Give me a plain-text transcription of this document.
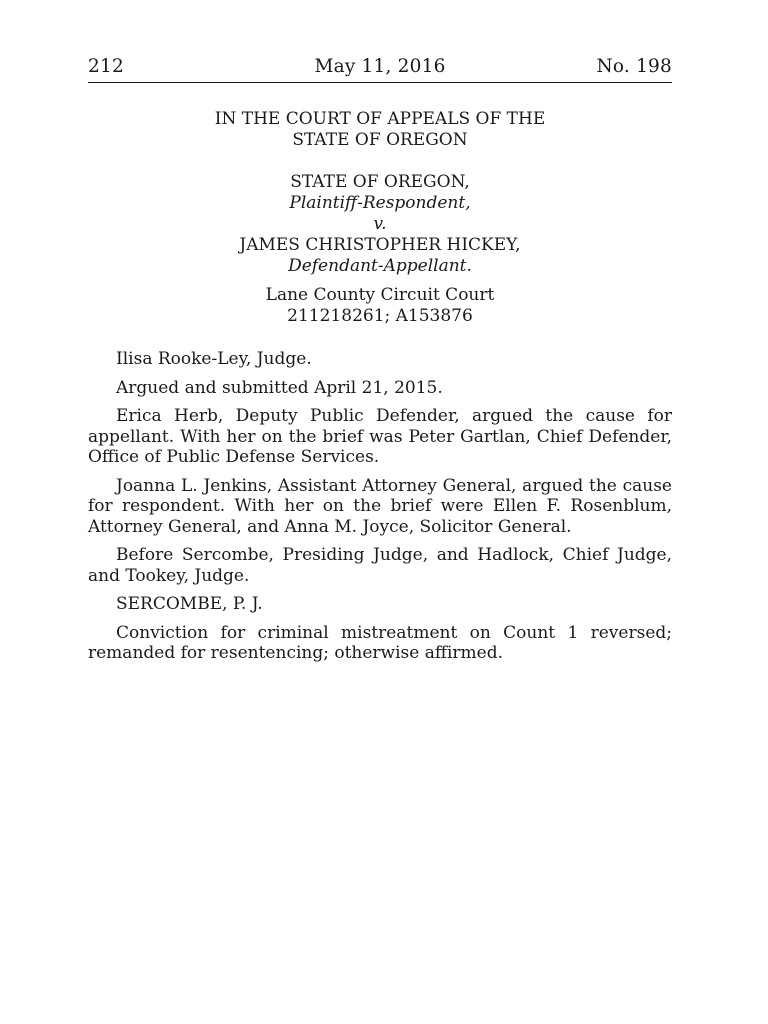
212	May 11, 2016	No. 198
IN THE COURT OF APPEALS OF THE
STATE OF OREGON
STATE OF OREGON,
Plaintiff-Respondent,
v.
JAMES CHRISTOPHER HICKEY,
Defendant-Appellant.
Lane County Circuit Court
211218261; A153876

Ilisa Rooke-Ley, Judge.

Argued and submitted April 21, 2015.

Erica Herb, Deputy Public Defender, argued the cause for appellant. With her on the brief was Peter Gartlan, Chief Defender, Office of Public Defense Services.

Joanna L. Jenkins, Assistant Attorney General, argued the cause for respondent. With her on the brief were Ellen F. Rosenblum, Attorney General, and Anna M. Joyce, Solicitor General.

Before Sercombe, Presiding Judge, and Hadlock, Chief Judge, and Tookey, Judge.

SERCOMBE, P. J.

Conviction for criminal mistreatment on Count 1 reversed; remanded for resentencing; otherwise affirmed.
